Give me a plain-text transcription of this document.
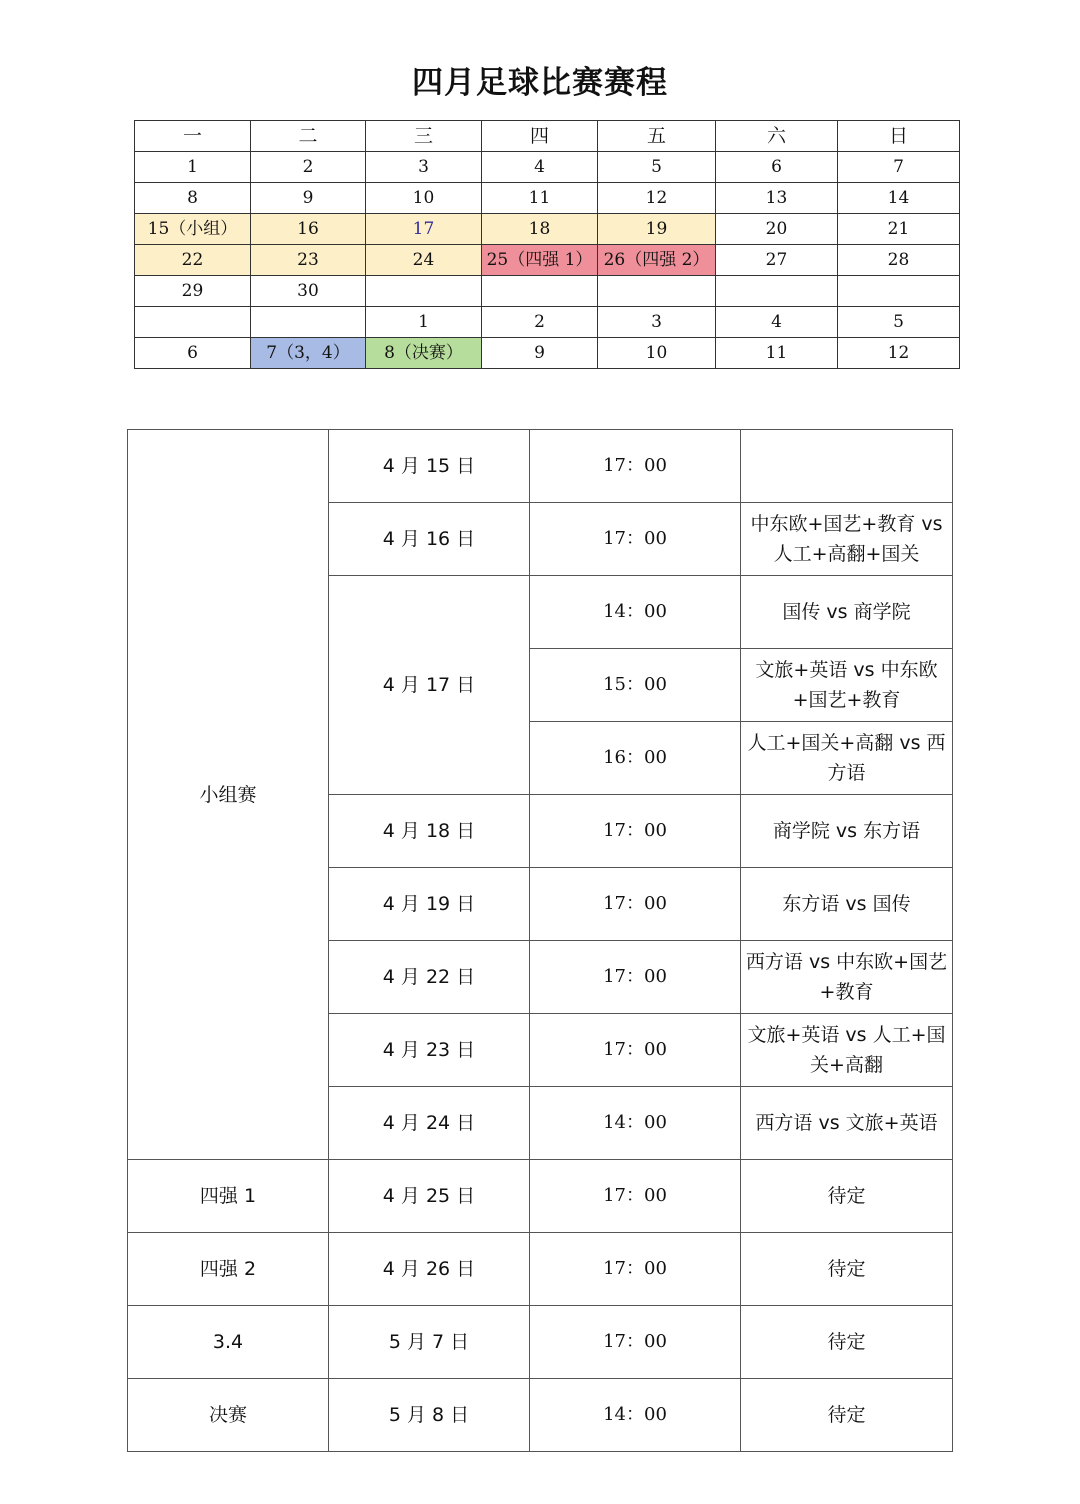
四月足球比赛赛程
一	二	三	四	五	六	日
1	2	3	4	5	6	7
8	9	10	11	12	13	14
15（小组）	16	17	18	19	20	21
22	23	24	25（四强 1）	26（四强 2）	27	28
29	30					
		1	2	3	4	5
6	7（3，4）	8（决赛）	9	10	11	12
小组赛	4 月 15 日	17：00	
	4 月 16 日	17：00	中东欧+国艺+教育 vs 人工+高翻+国关
	4 月 17 日	14：00	国传 vs 商学院
		15：00	文旅+英语 vs 中东欧+国艺+教育
		16：00	人工+国关+高翻 vs 西方语
	4 月 18 日	17：00	商学院 vs 东方语
	4 月 19 日	17：00	东方语 vs 国传
	4 月 22 日	17：00	西方语 vs 中东欧+国艺+教育
	4 月 23 日	17：00	文旅+英语 vs 人工+国关+高翻
	4 月 24 日	14：00	西方语 vs 文旅+英语
四强 1	4 月 25 日	17：00	待定
四强 2	4 月 26 日	17：00	待定
3.4	5 月 7 日	17：00	待定
决赛	5 月 8 日	14：00	待定
